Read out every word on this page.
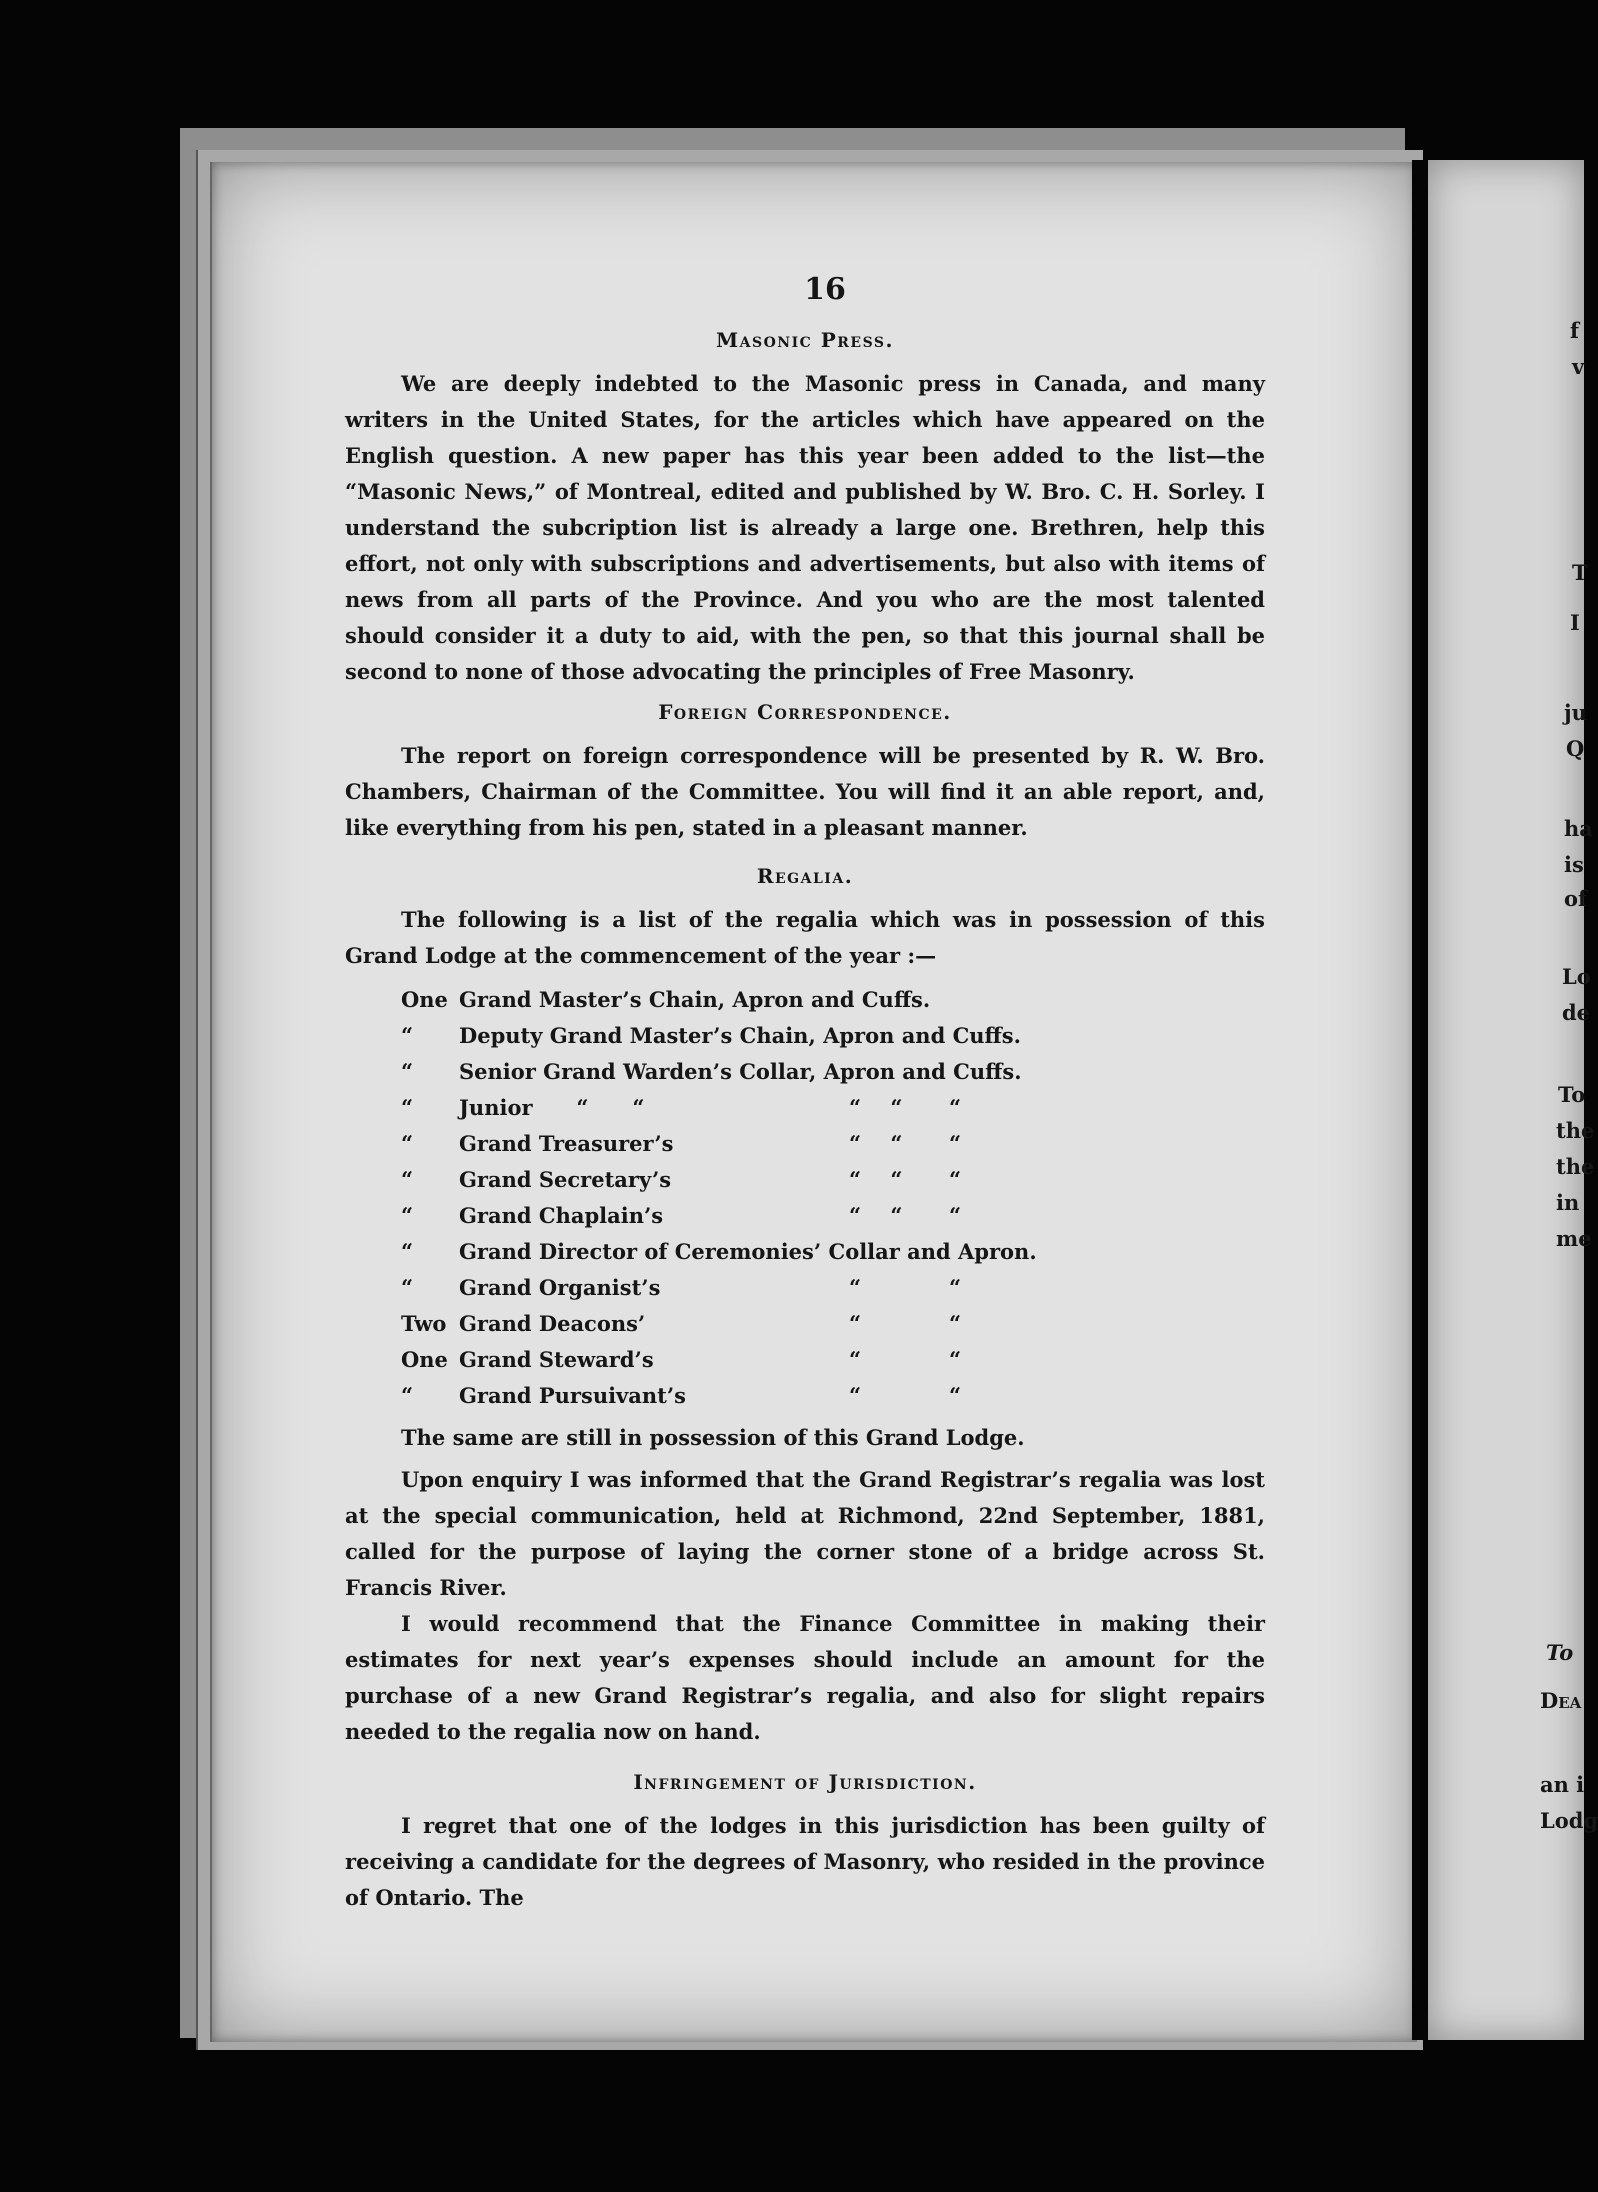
16
Masonic Press.

We are deeply indebted to the Masonic press in Canada, and many writers in the United States, for the articles which have appeared on the English question. A new paper has this year been added to the list—the “Masonic News,” of Montreal, edited and published by W. Bro. C. H. Sorley. I understand the subcription list is already a large one. Brethren, help this effort, not only with subscriptions and advertisements, but also with items of news from all parts of the Province. And you who are the most talented should consider it a duty to aid, with the pen, so that this journal shall be second to none of those advocating the principles of Free Masonry.

Foreign Correspondence.

The report on foreign correspondence will be presented by R. W. Bro. Chambers, Chairman of the Committee. You will find it an able report, and, like everything from his pen, stated in a pleasant manner.

Regalia.

The following is a list of the regalia which was in possession of this Grand Lodge at the commencement of the year :—

One Grand Master’s Chain, Apron and Cuffs.
“	Deputy Grand Master’s Chain, Apron and Cuffs.
“	Senior Grand Warden’s Collar, Apron and Cuffs.
“	Junior      “      “	“    “	“
“	Grand Treasurer’s	“    “	“
“	Grand Secretary’s	“    “	“
“	Grand Chaplain’s	“    “	“
“	Grand Director of Ceremonies’ Collar and Apron.
“	Grand Organist’s	“	“
Two Grand Deacons’	“	“
One Grand Steward’s	“	“
“	Grand Pursuivant’s	“	“

The same are still in possession of this Grand Lodge.

Upon enquiry I was informed that the Grand Registrar’s regalia was lost at the special communication, held at Richmond, 22nd September, 1881, called for the purpose of laying the corner stone of a bridge across St. Francis River.

I would recommend that the Finance Committee in making their estimates for next year’s expenses should include an amount for the purchase of a new Grand Registrar’s regalia, and also for slight repairs needed to the regalia now on hand.

Infringement of Jurisdiction.

I regret that one of the lodges in this jurisdiction has been guilty of receiving a candidate for the degrees of Masonry, who resided in the province of Ontario. The

f
v
T
I
ju
Q
ha
is
of
Lo
de
To
the
the
in
me
To
Dea
an i
Lodg
